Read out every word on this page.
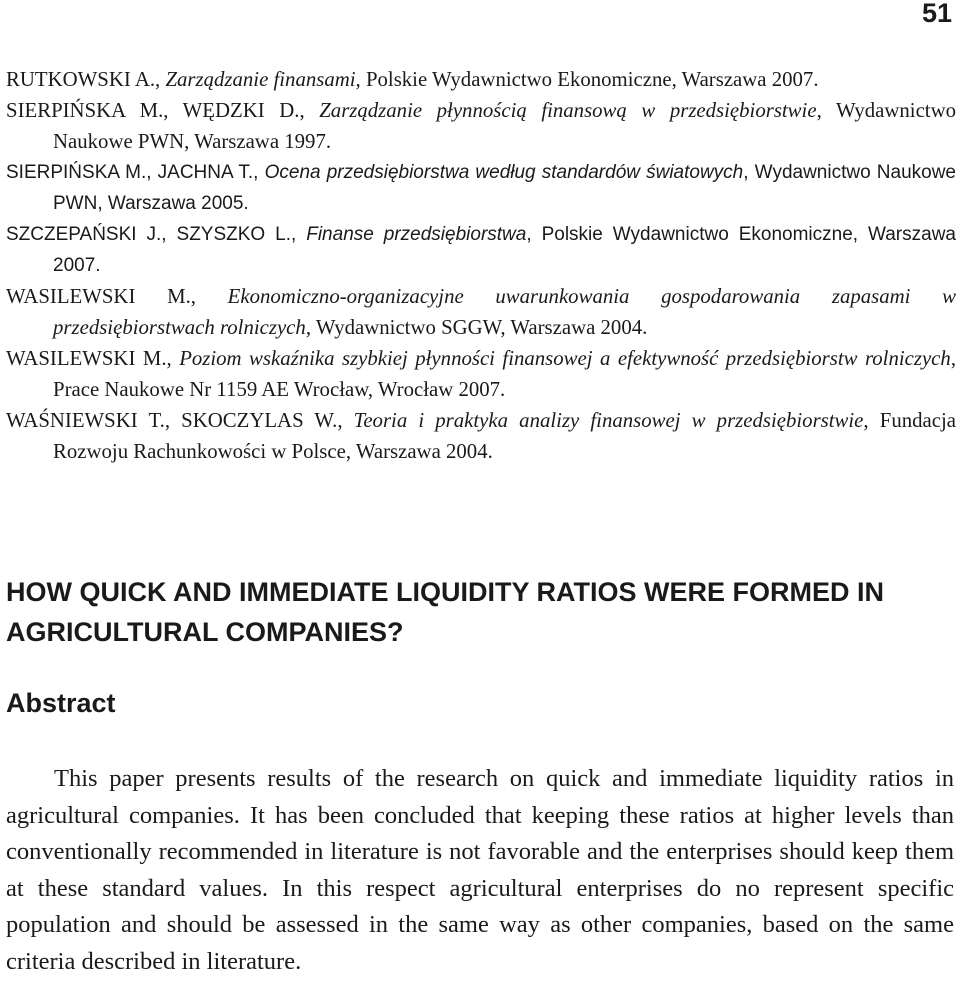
51

RUTKOWSKI A., Zarządzanie finansami, Polskie Wydawnictwo Ekonomiczne, Warszawa 2007.

SIERPIŃSKA M., WĘDZKI D., Zarządzanie płynnością finansową w przedsiębiorstwie, Wydawnictwo Naukowe PWN, Warszawa 1997.

SIERPIŃSKA M., JACHNA T., Ocena przedsiębiorstwa według standardów światowych, Wydawnictwo Naukowe PWN, Warszawa 2005.

SZCZEPAŃSKI J., SZYSZKO L., Finanse przedsiębiorstwa, Polskie Wydawnictwo Ekonomiczne, Warszawa 2007.

WASILEWSKI M., Ekonomiczno-organizacyjne uwarunkowania gospodarowania zapasami w przedsiębiorstwach rolniczych, Wydawnictwo SGGW, Warszawa 2004.

WASILEWSKI M., Poziom wskaźnika szybkiej płynności finansowej a efektywność przedsiębiorstw rolniczych, Prace Naukowe Nr 1159 AE Wrocław, Wrocław 2007.

WAŚNIEWSKI T., SKOCZYLAS W., Teoria i praktyka analizy finansowej w przedsiębiorstwie, Fundacja Rozwoju Rachunkowości w Polsce, Warszawa 2004.

HOW QUICK AND IMMEDIATE LIQUIDITY RATIOS WERE FORMED IN AGRICULTURAL COMPANIES?
Abstract

This paper presents results of the research on quick and immediate liquidity ratios in agricultural companies. It has been concluded that keeping these ratios at higher levels than conventionally recommended in literature is not favorable and the enterprises should keep them at these standard values. In this respect agricultural enterprises do no represent specific population and should be assessed in the same way as other companies, based on the same criteria described in literature.
